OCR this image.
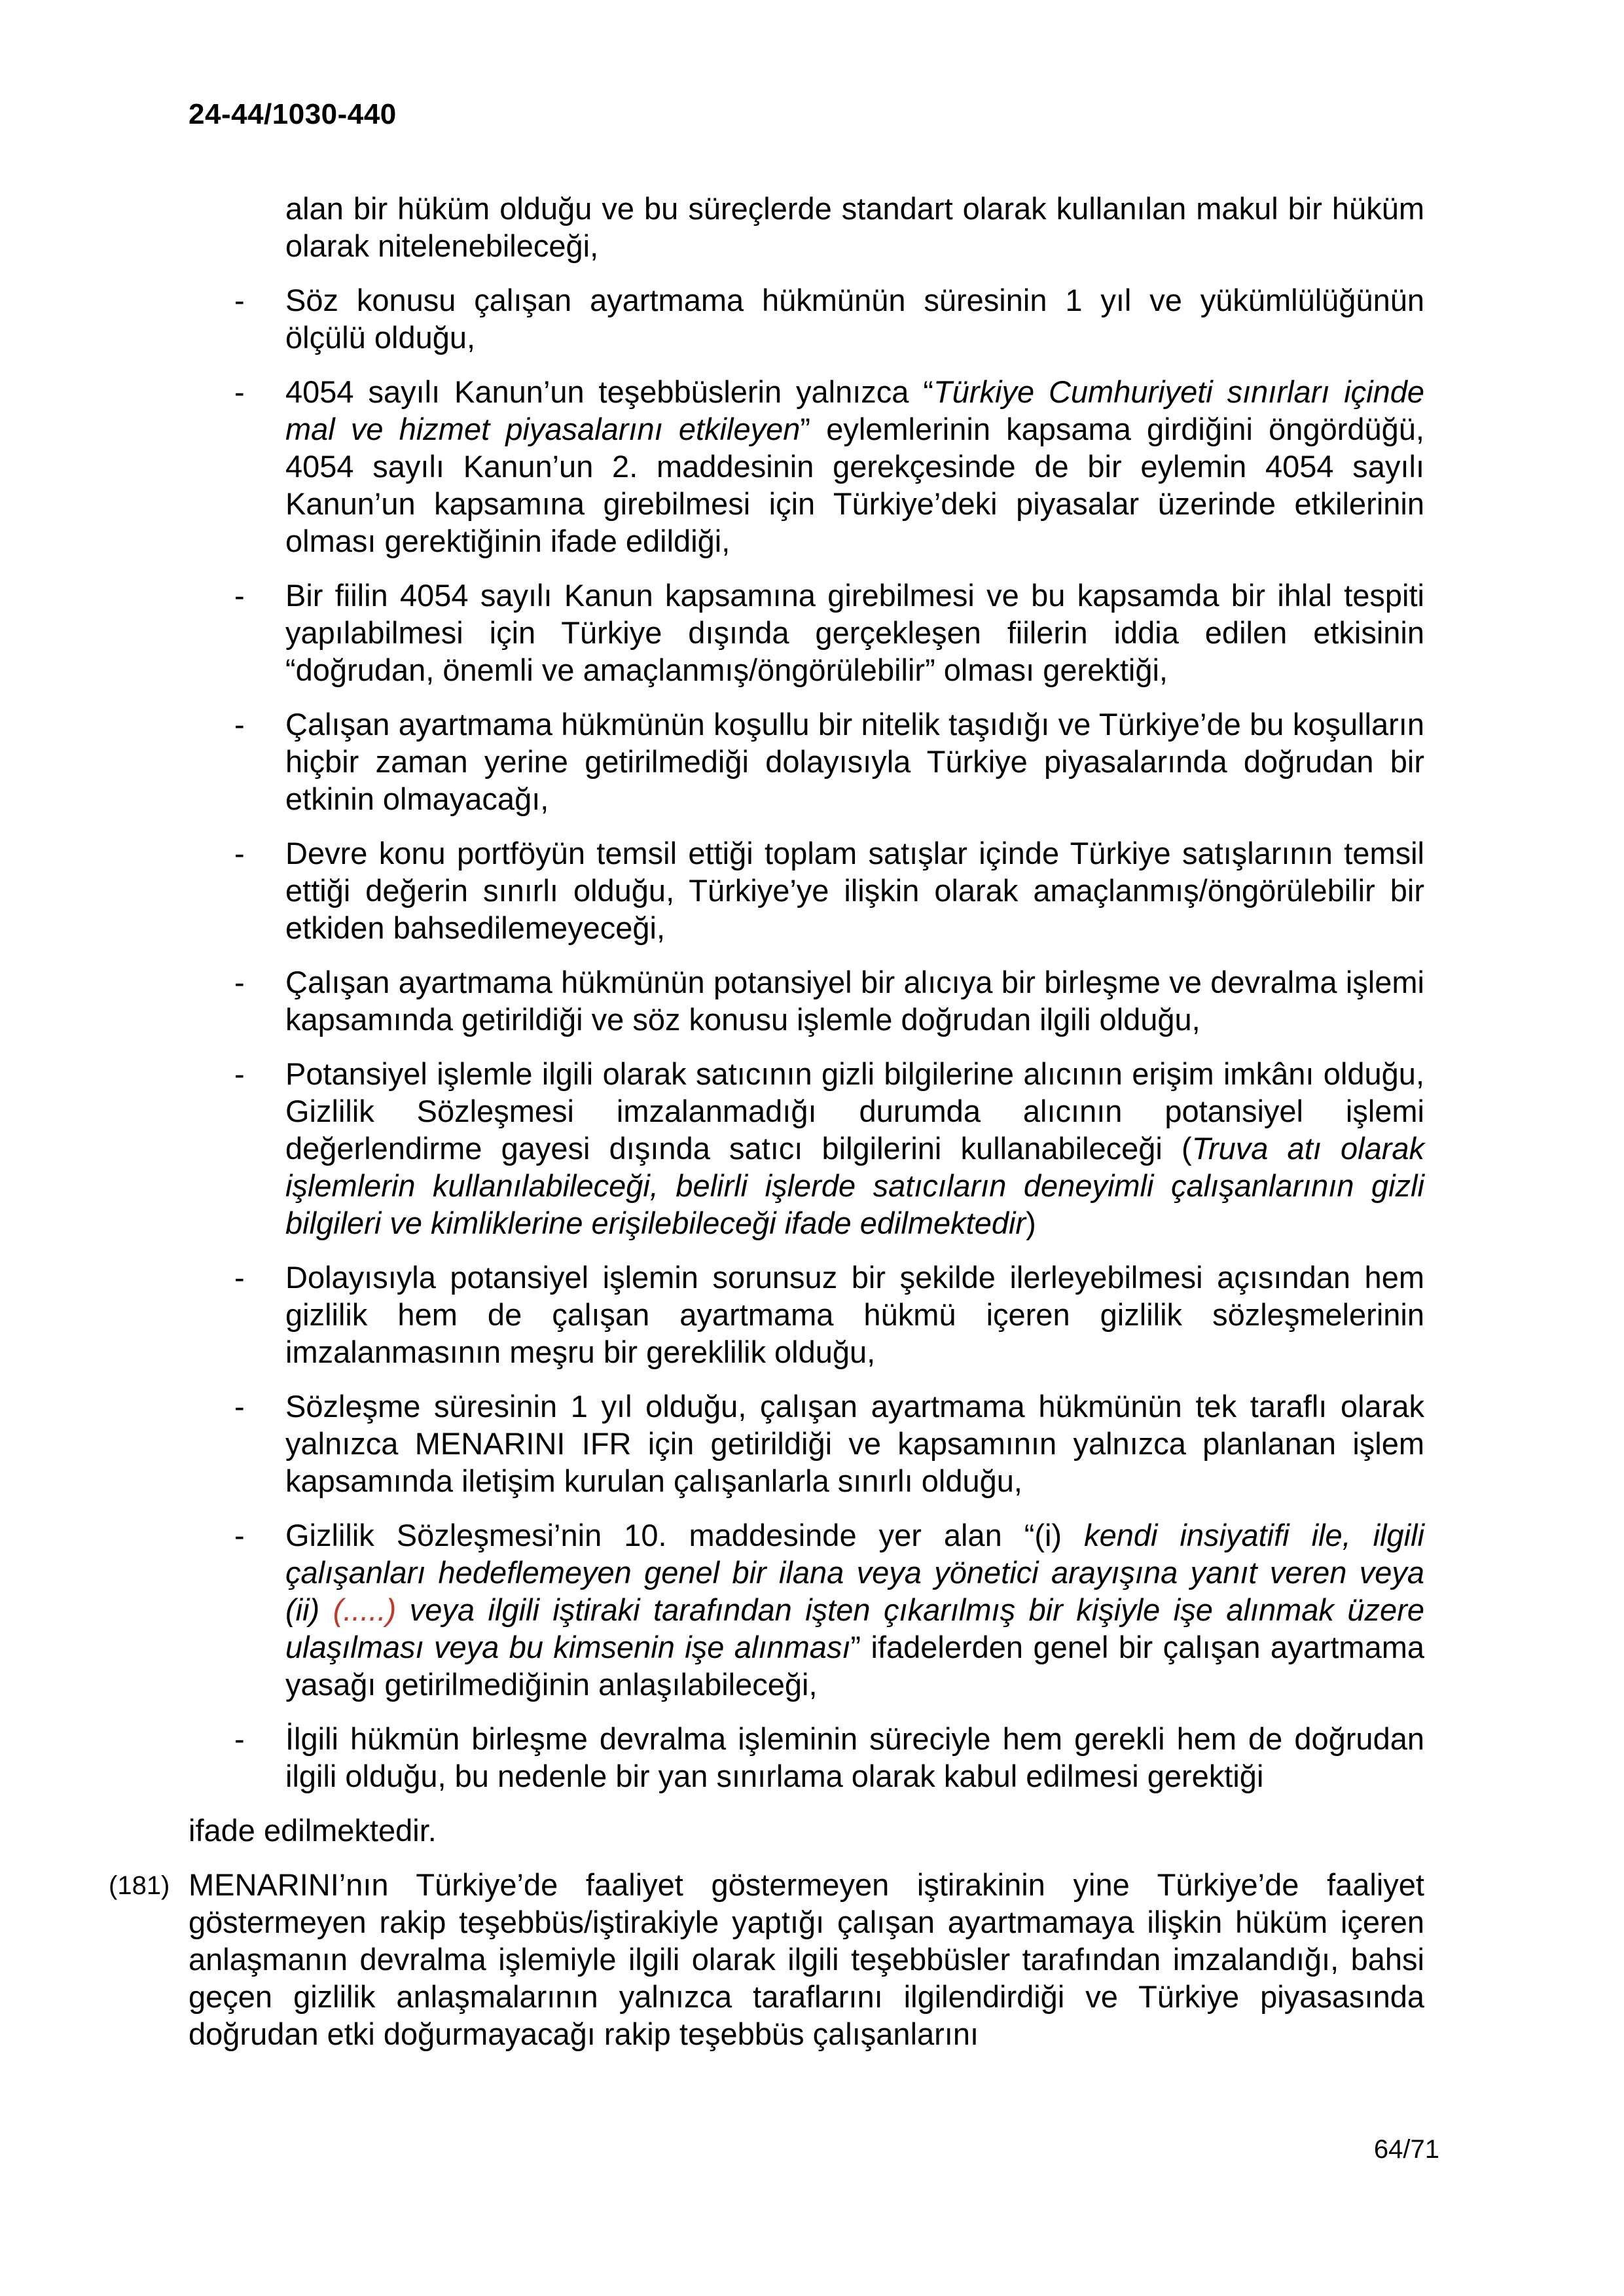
24-44/1030-440
alan bir hüküm olduğu ve bu süreçlerde standart olarak kullanılan makul bir hüküm olarak nitelenebileceği,
- Söz konusu çalışan ayartmama hükmünün süresinin 1 yıl ve yükümlülüğünün ölçülü olduğu,
- 4054 sayılı Kanun’un teşebbüslerin yalnızca “Türkiye Cumhuriyeti sınırları içinde mal ve hizmet piyasalarını etkileyen” eylemlerinin kapsama girdiğini öngördüğü, 4054 sayılı Kanun’un 2. maddesinin gerekçesinde de bir eylemin 4054 sayılı Kanun’un kapsamına girebilmesi için Türkiye’deki piyasalar üzerinde etkilerinin olması gerektiğinin ifade edildiği,
- Bir fiilin 4054 sayılı Kanun kapsamına girebilmesi ve bu kapsamda bir ihlal tespiti yapılabilmesi için Türkiye dışında gerçekleşen fiilerin iddia edilen etkisinin “doğrudan, önemli ve amaçlanmış/öngörülebilir” olması gerektiği,
- Çalışan ayartmama hükmünün koşullu bir nitelik taşıdığı ve Türkiye’de bu koşulların hiçbir zaman yerine getirilmediği dolayısıyla Türkiye piyasalarında doğrudan bir etkinin olmayacağı,
- Devre konu portföyün temsil ettiği toplam satışlar içinde Türkiye satışlarının temsil ettiği değerin sınırlı olduğu, Türkiye’ye ilişkin olarak amaçlanmış/öngörülebilir bir etkiden bahsedilemeyeceği,
- Çalışan ayartmama hükmünün potansiyel bir alıcıya bir birleşme ve devralma işlemi kapsamında getirildiği ve söz konusu işlemle doğrudan ilgili olduğu,
- Potansiyel işlemle ilgili olarak satıcının gizli bilgilerine alıcının erişim imkânı olduğu, Gizlilik Sözleşmesi imzalanmadığı durumda alıcının potansiyel işlemi değerlendirme gayesi dışında satıcı bilgilerini kullanabileceği (Truva atı olarak işlemlerin kullanılabileceği, belirli işlerde satıcıların deneyimli çalışanlarının gizli bilgileri ve kimliklerine erişilebileceği ifade edilmektedir)
- Dolayısıyla potansiyel işlemin sorunsuz bir şekilde ilerleyebilmesi açısından hem gizlilik hem de çalışan ayartmama hükmü içeren gizlilik sözleşmelerinin imzalanmasının meşru bir gereklilik olduğu,
- Sözleşme süresinin 1 yıl olduğu, çalışan ayartmama hükmünün tek taraflı olarak yalnızca MENARINI IFR için getirildiği ve kapsamının yalnızca planlanan işlem kapsamında iletişim kurulan çalışanlarla sınırlı olduğu,
- Gizlilik Sözleşmesi’nin 10. maddesinde yer alan “(i) kendi insiyatifi ile, ilgili çalışanları hedeflemeyen genel bir ilana veya yönetici arayışına yanıt veren veya (ii) (.....) veya ilgili iştiraki tarafından işten çıkarılmış bir kişiyle işe alınmak üzere ulaşılması veya bu kimsenin işe alınması” ifadelerden genel bir çalışan ayartmama yasağı getirilmediğinin anlaşılabileceği,
- İlgili hükmün birleşme devralma işleminin süreciyle hem gerekli hem de doğrudan ilgili olduğu, bu nedenle bir yan sınırlama olarak kabul edilmesi gerektiği
ifade edilmektedir.
(181) MENARINI’nın Türkiye’de faaliyet göstermeyen iştirakinin yine Türkiye’de faaliyet göstermeyen rakip teşebbüs/iştirakiyle yaptığı çalışan ayartmamaya ilişkin hüküm içeren anlaşmanın devralma işlemiyle ilgili olarak ilgili teşebbüsler tarafından imzalandığı, bahsi geçen gizlilik anlaşmalarının yalnızca taraflarını ilgilendirdiği ve Türkiye piyasasında doğrudan etki doğurmayacağı rakip teşebbüs çalışanlarını
64/71
